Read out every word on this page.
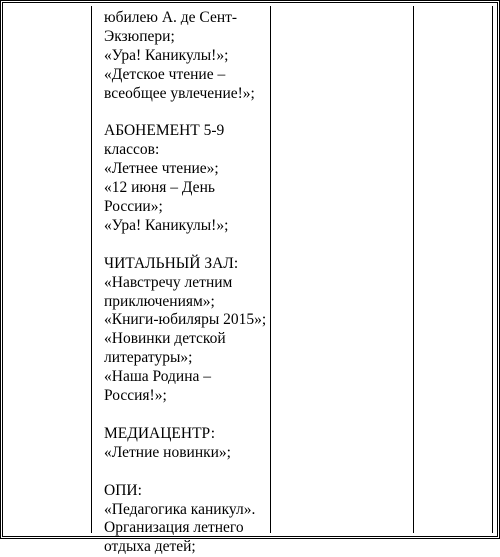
юбилею А. де Сент-
Экзюпери;
«Ура! Каникулы!»;
«Детское чтение –
всеобщее увлечение!»;
АБОНЕМЕНТ 5-9
классов:
«Летнее чтение»;
«12 июня – День
России»;
«Ура! Каникулы!»;
ЧИТАЛЬНЫЙ ЗАЛ:
«Навстречу летним
приключениям»;
«Книги-юбиляры 2015»;
«Новинки детской
литературы»;
«Наша Родина –
Россия!»;
МЕДИАЦЕНТР:
«Летние новинки»;
ОПИ:
«Педагогика каникул».
Организация летнего
отдыха детей;
